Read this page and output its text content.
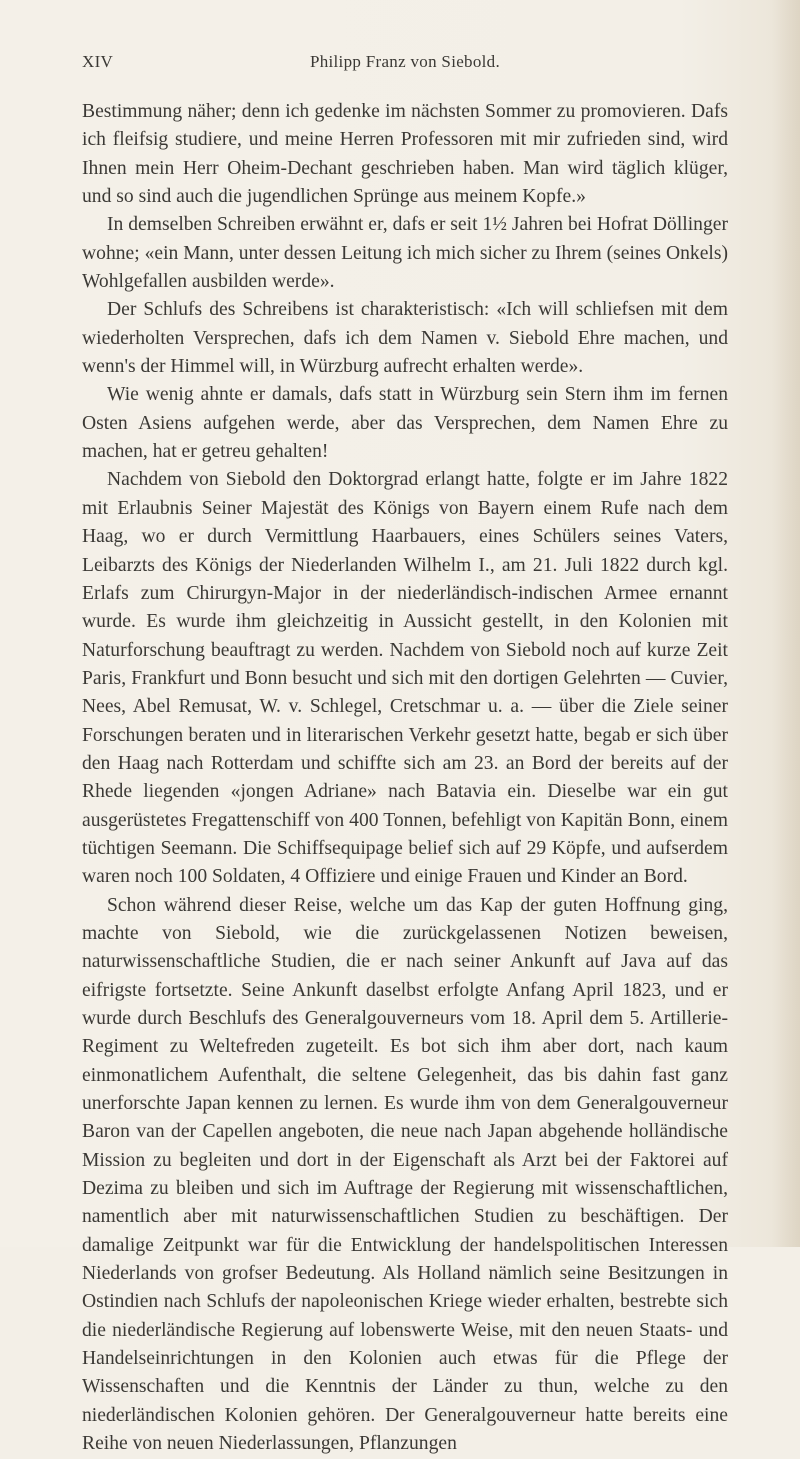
XIV	Philipp Franz von Siebold.

Bestimmung näher; denn ich gedenke im nächsten Sommer zu promovieren. Dafs ich fleifsig studiere, und meine Herren Professoren mit mir zufrieden sind, wird Ihnen mein Herr Oheim-Dechant geschrieben haben. Man wird täglich klüger, und so sind auch die jugendlichen Sprünge aus meinem Kopfe.»

In demselben Schreiben erwähnt er, dafs er seit 1½ Jahren bei Hofrat Döllinger wohne; «ein Mann, unter dessen Leitung ich mich sicher zu Ihrem (seines Onkels) Wohlgefallen ausbilden werde».

Der Schlufs des Schreibens ist charakteristisch: «Ich will schliefsen mit dem wiederholten Versprechen, dafs ich dem Namen v. Siebold Ehre machen, und wenn's der Himmel will, in Würzburg aufrecht erhalten werde».

Wie wenig ahnte er damals, dafs statt in Würzburg sein Stern ihm im fernen Osten Asiens aufgehen werde, aber das Versprechen, dem Namen Ehre zu machen, hat er getreu gehalten!

Nachdem von Siebold den Doktorgrad erlangt hatte, folgte er im Jahre 1822 mit Erlaubnis Seiner Majestät des Königs von Bayern einem Rufe nach dem Haag, wo er durch Vermittlung Haarbauers, eines Schülers seines Vaters, Leibarzts des Königs der Niederlanden Wilhelm I., am 21. Juli 1822 durch kgl. Erlafs zum Chirurgyn-Major in der niederländisch-indischen Armee ernannt wurde. Es wurde ihm gleichzeitig in Aussicht gestellt, in den Kolonien mit Naturforschung beauftragt zu werden. Nachdem von Siebold noch auf kurze Zeit Paris, Frankfurt und Bonn besucht und sich mit den dortigen Gelehrten — Cuvier, Nees, Abel Remusat, W. v. Schlegel, Cretschmar u. a. — über die Ziele seiner Forschungen beraten und in literarischen Verkehr gesetzt hatte, begab er sich über den Haag nach Rotterdam und schiffte sich am 23. an Bord der bereits auf der Rhede liegenden «jongen Adriane» nach Batavia ein. Dieselbe war ein gut ausgerüstetes Fregattenschiff von 400 Tonnen, befehligt von Kapitän Bonn, einem tüchtigen Seemann. Die Schiffsequipage belief sich auf 29 Köpfe, und aufserdem waren noch 100 Soldaten, 4 Offiziere und einige Frauen und Kinder an Bord.

Schon während dieser Reise, welche um das Kap der guten Hoffnung ging, machte von Siebold, wie die zurückgelassenen Notizen beweisen, naturwissenschaftliche Studien, die er nach seiner Ankunft auf Java auf das eifrigste fortsetzte. Seine Ankunft daselbst erfolgte Anfang April 1823, und er wurde durch Beschlufs des Generalgouverneurs vom 18. April dem 5. Artillerie-Regiment zu Weltefreden zugeteilt. Es bot sich ihm aber dort, nach kaum einmonatlichem Aufenthalt, die seltene Gelegenheit, das bis dahin fast ganz unerforschte Japan kennen zu lernen. Es wurde ihm von dem Generalgouverneur Baron van der Capellen angeboten, die neue nach Japan abgehende holländische Mission zu begleiten und dort in der Eigenschaft als Arzt bei der Faktorei auf Dezima zu bleiben und sich im Auftrage der Regierung mit wissenschaftlichen, namentlich aber mit naturwissenschaftlichen Studien zu beschäftigen. Der damalige Zeitpunkt war für die Entwicklung der handelspolitischen Interessen Niederlands von grofser Bedeutung. Als Holland nämlich seine Besitzungen in Ostindien nach Schlufs der napoleonischen Kriege wieder erhalten, bestrebte sich die niederländische Regierung auf lobenswerte Weise, mit den neuen Staats- und Handelseinrichtungen in den Kolonien auch etwas für die Pflege der Wissenschaften und die Kenntnis der Länder zu thun, welche zu den niederländischen Kolonien gehören. Der Generalgouverneur hatte bereits eine Reihe von neuen Niederlassungen, Pflanzungen
